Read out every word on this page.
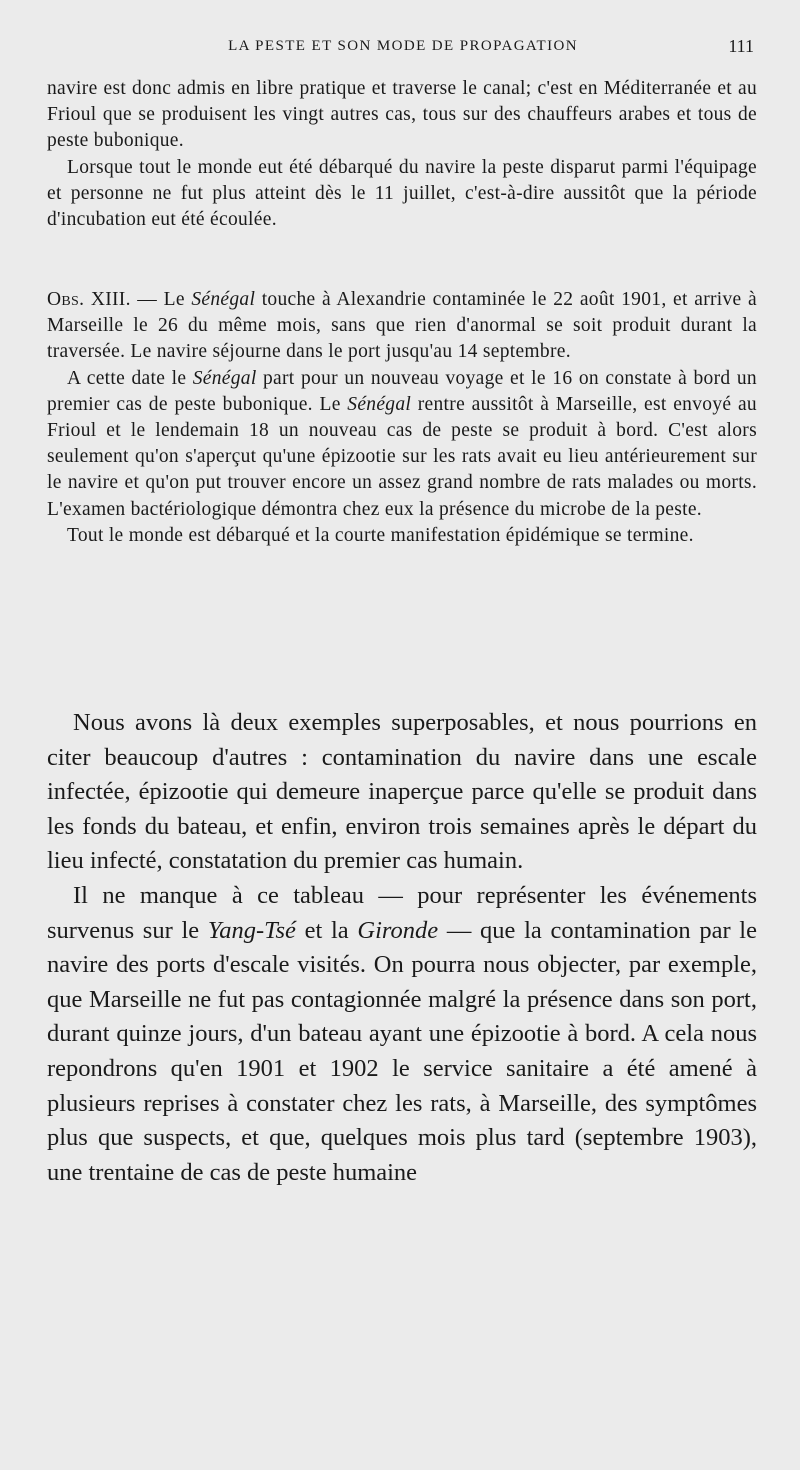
LA PESTE ET SON MODE DE PROPAGATION	111

navire est donc admis en libre pratique et traverse le canal; c'est en Méditerranée et au Frioul que se produisent les vingt autres cas, tous sur des chauffeurs arabes et tous de peste bubonique.

Lorsque tout le monde eut été débarqué du navire la peste disparut parmi l'équipage et personne ne fut plus atteint dès le 11 juillet, c'est-à-dire aussitôt que la période d'incubation eut été écoulée.

Obs. XIII. — Le Sénégal touche à Alexandrie contaminée le 22 août 1901, et arrive à Marseille le 26 du même mois, sans que rien d'anormal se soit produit durant la traversée. Le navire séjourne dans le port jusqu'au 14 septembre.

A cette date le Sénégal part pour un nouveau voyage et le 16 on constate à bord un premier cas de peste bubonique. Le Sénégal rentre aussitôt à Marseille, est envoyé au Frioul et le lendemain 18 un nouveau cas de peste se produit à bord. C'est alors seulement qu'on s'aperçut qu'une épizootie sur les rats avait eu lieu antérieurement sur le navire et qu'on put trouver encore un assez grand nombre de rats malades ou morts. L'examen bactériologique démontra chez eux la présence du microbe de la peste.

Tout le monde est débarqué et la courte manifestation épidémique se termine.

Nous avons là deux exemples superposables, et nous pourrions en citer beaucoup d'autres : contamination du navire dans une escale infectée, épizootie qui demeure inaperçue parce qu'elle se produit dans les fonds du bateau, et enfin, environ trois semaines après le départ du lieu infecté, constatation du premier cas humain.

Il ne manque à ce tableau — pour représenter les événements survenus sur le Yang-Tsé et la Gironde — que la contamination par le navire des ports d'escale visités. On pourra nous objecter, par exemple, que Marseille ne fut pas contagionnée malgré la présence dans son port, durant quinze jours, d'un bateau ayant une épizootie à bord. A cela nous repondrons qu'en 1901 et 1902 le service sanitaire a été amené à plusieurs reprises à constater chez les rats, à Marseille, des symptômes plus que suspects, et que, quelques mois plus tard (septembre 1903), une trentaine de cas de peste humaine
